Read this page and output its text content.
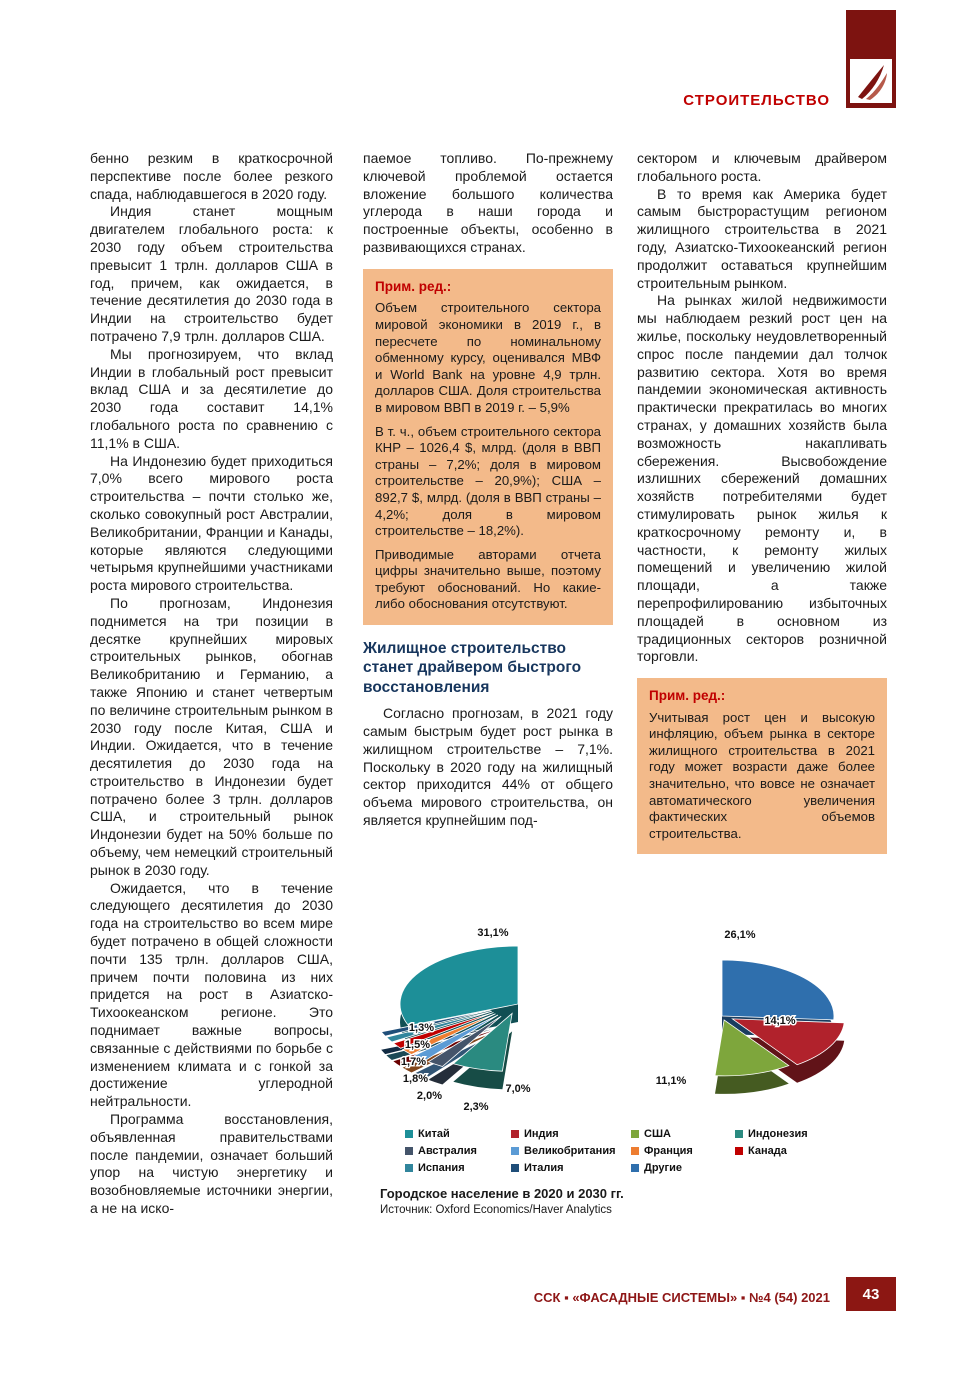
СТРОИТЕЛЬСТВО

бенно резким в краткосрочной перспективе после более резкого спада, наблюдавшегося в 2020 году.

Индия станет мощным двигателем глобального роста: к 2030 году объем строительства превысит 1 трлн. долларов США в год, причем, как ожидается, в течение десятилетия до 2030 года в Индии на строительство будет потрачено 7,9 трлн. долларов США.

Мы прогнозируем, что вклад Индии в глобальный рост превысит вклад США и за десятилетие до 2030 года составит 14,1% глобального роста по сравнению с 11,1% в США.

На Индонезию будет приходиться 7,0% всего мирового роста строительства – почти столько же, сколько совокупный рост Австралии, Великобритании, Франции и Канады, которые являются следующими четырьмя крупнейшими участниками роста мирового строительства.

По прогнозам, Индонезия поднимется на три позиции в десятке крупнейших мировых строительных рынков, обогнав Великобританию и Германию, а также Японию и станет четвертым по величине строительным рынком в 2030 году после Китая, США и Индии. Ожидается, что в течение десятилетия до 2030 года на строительство в Индонезии будет потрачено более 3 трлн. долларов США, и строительный рынок Индонезии будет на 50% больше по объему, чем немецкий строительный рынок в 2030 году.

Ожидается, что в течение следующего десятилетия до 2030 года на строительство во всем мире будет потрачено в общей сложности почти 135 трлн. долларов США, причем почти половина из них придется на рост в Азиатско-Тихоокеанском регионе. Это поднимает важные вопросы, связанные с действиями по борьбе с изменением климата и с гонкой за достижение углеродной нейтральности.

Программа восстановления, объявленная правительствами после пандемии, означает больший упор на чистую энергетику и возобновляемые источники энергии, а не на иско-

паемое топливо. По-прежнему ключевой проблемой остается вложение большого количества углерода в наши города и построенные объекты, особенно в развивающихся странах.

Прим. ред.:

Объем строительного сектора мировой экономики в 2019 г., в пересчете по номинальному обменному курсу, оценивался МВФ и World Bank на уровне 4,9 трлн. долларов США. Доля строительства в мировом ВВП в 2019 г. – 5,9%

В т. ч., объем строительного сектора КНР – 1026,4 $, млрд. (доля в ВВП страны – 7,2%; доля в мировом строительстве – 20,9%); США – 892,7 $, млрд. (доля в ВВП страны – 4,2%; доля в мировом строительстве – 18,2%).

Приводимые авторами отчета цифры значительно выше, поэтому требуют обоснований. Но какие-либо обоснования отсутствуют.

Жилищное строительство станет драйвером быстрого восстановления

Согласно прогнозам, в 2021 году самым быстрым будет рост рынка в жилищном строительстве – 7,1%. Поскольку в 2020 году на жилищный сектор приходится 44% от общего объема мирового строительства, он является крупнейшим под-

сектором и ключевым драйвером глобального роста.

В то время как Америка будет самым быстрорастущим регионом жилищного строительства в 2021 году, Азиатско-Тихоокеанский регион продолжит оставаться крупнейшим строительным рынком.

На рынках жилой недвижимости мы наблюдаем резкий рост цен на жилье, поскольку неудовлетворенный спрос после пандемии дал толчок развитию сектора. Хотя во время пандемии экономическая активность практически прекратилась во многих странах, у домашних хозяйств была возможность накапливать сбережения. Высвобождение излишних сбережений домашних хозяйств потребителями будет стимулировать рынок жилья к краткосрочному ремонту и, в частности, к ремонту жилых помещений и увеличению жилой площади, а также перепрофилированию избыточных площадей в основном из традиционных секторов розничной торговли.

Прим. ред.:

Учитывая рост цен и высокую инфляцию, объем рынка в секторе жилищного строительства в 2021 году может возрасти даже более значительно, что вовсе не означает автоматического увеличения фактических объемов строительства.

26,1%
14,1%
11,1%
7,0%
2,3%
2,0%
1,8%
1,7%
1,5%
1,3%
31,1%
Китай	Индия	США	Индонезия
Австралия	Великобритания	Франция	Канада
Испания	Италия	Другие
Городское население в 2020 и 2030 гг.
Источник: Oxford Economics/Haver Analytics
ССК ▪ «ФАСАДНЫЕ СИСТЕМЫ» ▪ №4 (54) 2021	43
